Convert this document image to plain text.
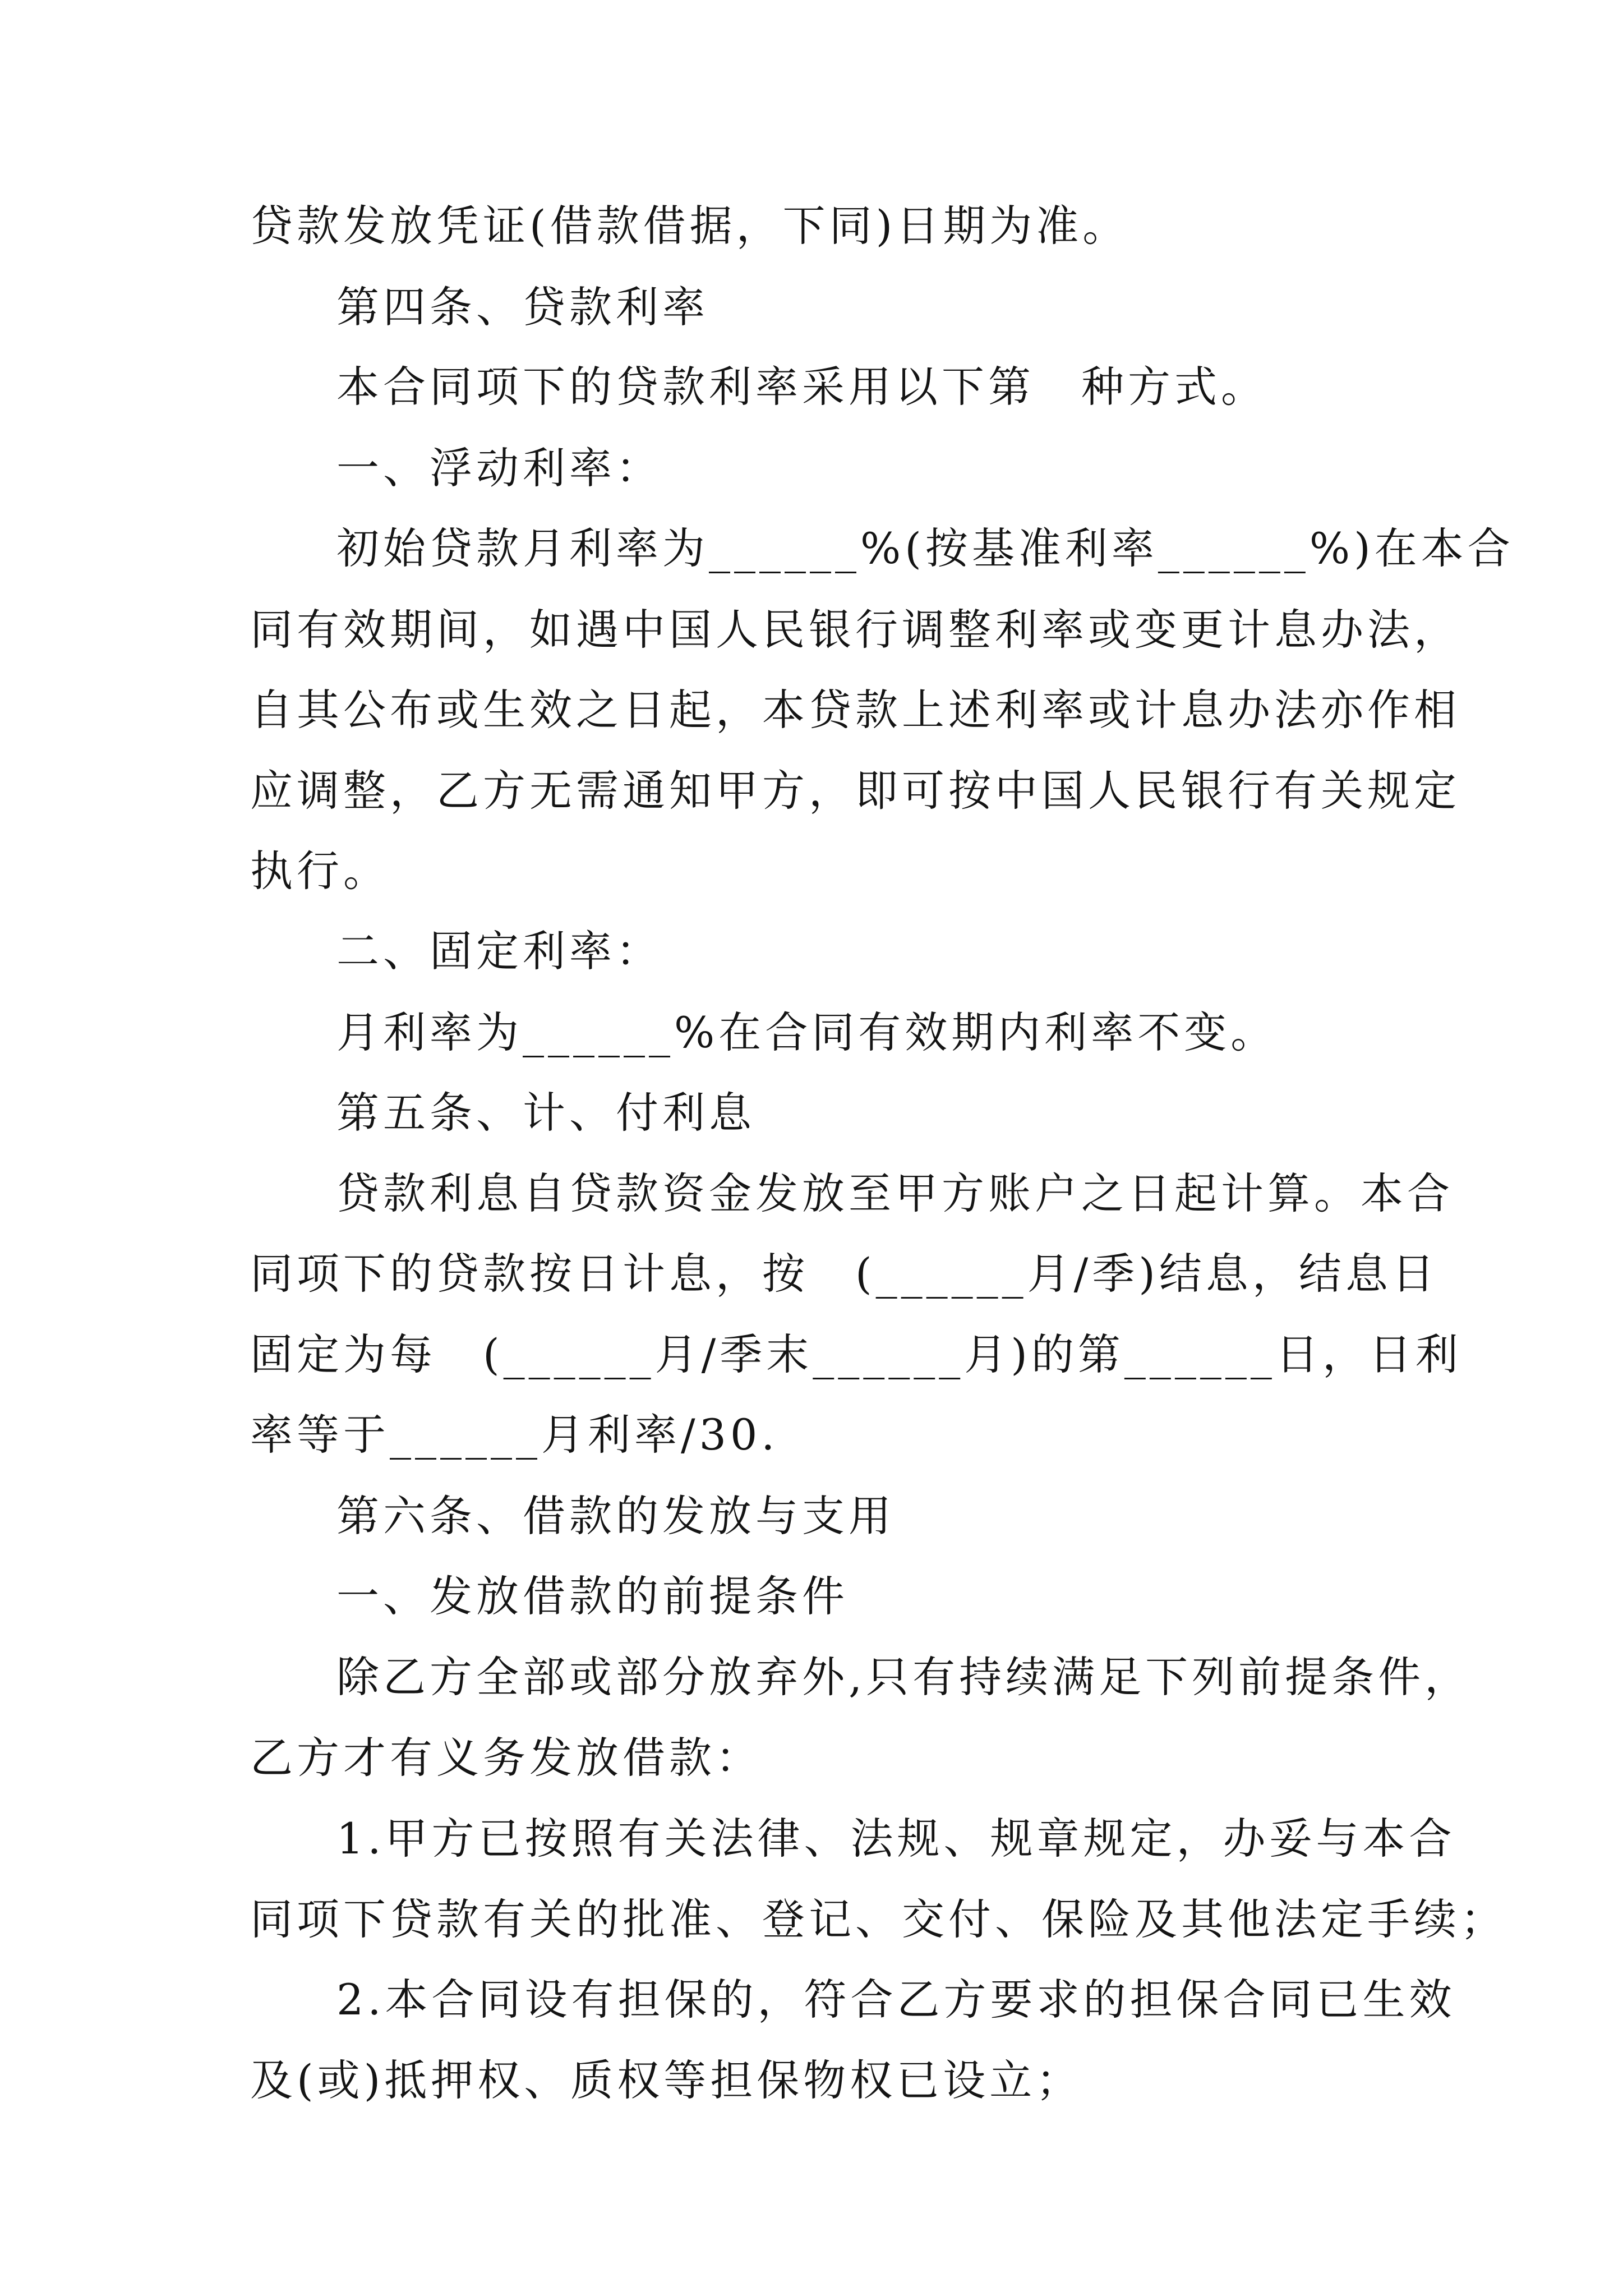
贷款发放凭证(借款借据，下同)日期为准。
第四条、贷款利率
本合同项下的贷款利率采用以下第　种方式。
一、浮动利率：
初始贷款月利率为______%(按基准利率______%)在本合
同有效期间，如遇中国人民银行调整利率或变更计息办法，
自其公布或生效之日起，本贷款上述利率或计息办法亦作相
应调整，乙方无需通知甲方，即可按中国人民银行有关规定
执行。
二、固定利率：
月利率为______%在合同有效期内利率不变。
第五条、计、付利息
贷款利息自贷款资金发放至甲方账户之日起计算。本合
同项下的贷款按日计息，按　(______月/季)结息，结息日
固定为每　(______月/季末______月)的第______日，日利
率等于______月利率/30.
第六条、借款的发放与支用
一、发放借款的前提条件
除乙方全部或部分放弃外,只有持续满足下列前提条件，
乙方才有义务发放借款：
1.甲方已按照有关法律、法规、规章规定，办妥与本合
同项下贷款有关的批准、登记、交付、保险及其他法定手续；
2.本合同设有担保的，符合乙方要求的担保合同已生效
及(或)抵押权、质权等担保物权已设立；
